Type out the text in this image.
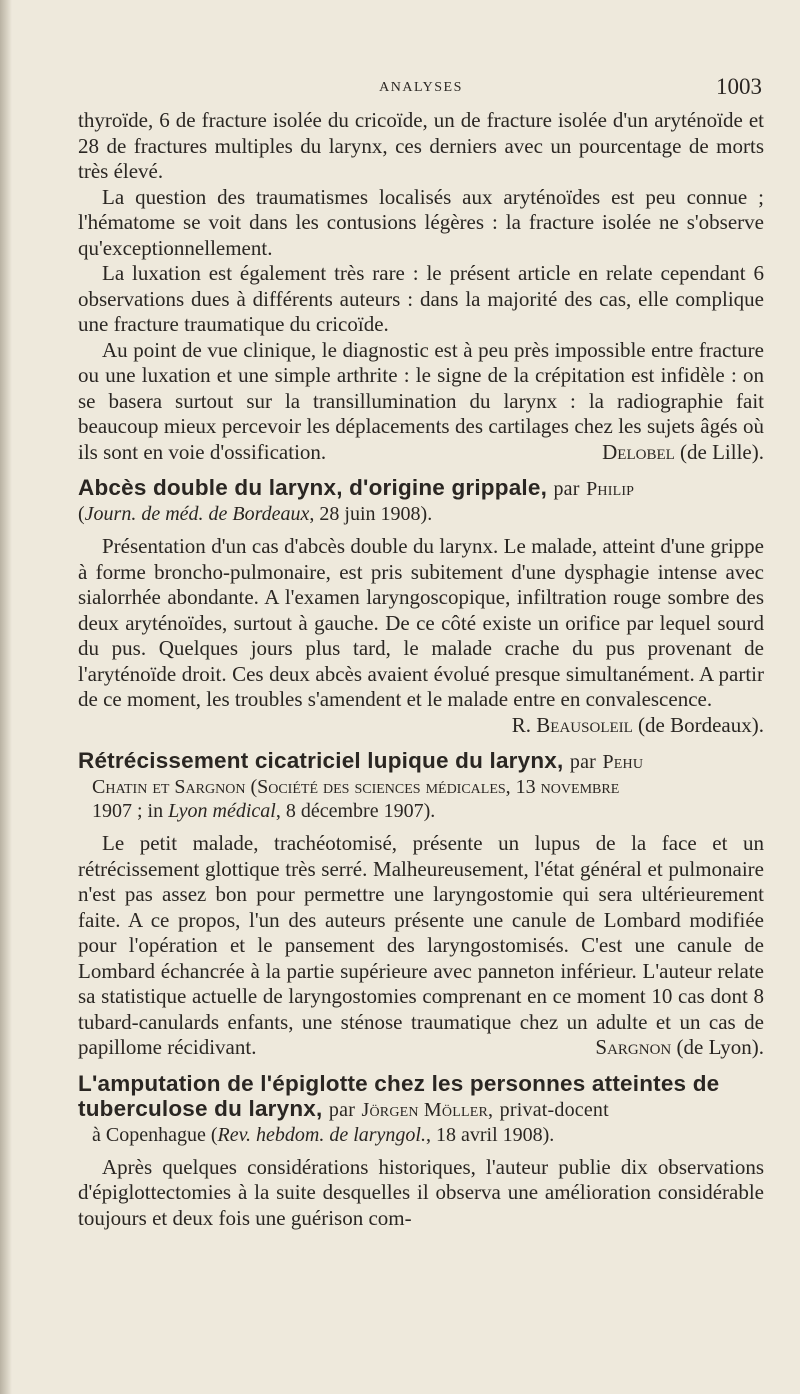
ANALYSES	1003

thyroïde, 6 de fracture isolée du cricoïde, un de fracture isolée d'un aryténoïde et 28 de fractures multiples du larynx, ces derniers avec un pourcentage de morts très élevé.

La question des traumatismes localisés aux aryténoïdes est peu connue ; l'hématome se voit dans les contusions légères : la fracture isolée ne s'observe qu'exceptionnellement.

La luxation est également très rare : le présent article en relate cependant 6 observations dues à différents auteurs : dans la majorité des cas, elle complique une fracture traumatique du cricoïde.

Au point de vue clinique, le diagnostic est à peu près impossible entre fracture ou une luxation et une simple arthrite : le signe de la crépitation est infidèle : on se basera surtout sur la transillumination du larynx : la radiographie fait beaucoup mieux percevoir les déplacements des cartilages chez les sujets âgés où ils sont en voie d'ossification.	Delobel (de Lille).

Abcès double du larynx, d'origine grippale, par Philip
(Journ. de méd. de Bordeaux, 28 juin 1908).

Présentation d'un cas d'abcès double du larynx. Le malade, atteint d'une grippe à forme broncho-pulmonaire, est pris subitement d'une dysphagie intense avec sialorrhée abondante. A l'examen laryngoscopique, infiltration rouge sombre des deux aryténoïdes, surtout à gauche. De ce côté existe un orifice par lequel sourd du pus. Quelques jours plus tard, le malade crache du pus provenant de l'aryténoïde droit. Ces deux abcès avaient évolué presque simultanément. A partir de ce moment, les troubles s'amendent et le malade entre en convalescence.
R. Beausoleil (de Bordeaux).

Rétrécissement cicatriciel lupique du larynx, par Pehu
Chatin et Sargnon (Société des sciences médicales, 13 novembre
1907 ; in Lyon médical, 8 décembre 1907).

Le petit malade, trachéotomisé, présente un lupus de la face et un rétrécissement glottique très serré. Malheureusement, l'état général et pulmonaire n'est pas assez bon pour permettre une laryngostomie qui sera ultérieurement faite. A ce propos, l'un des auteurs présente une canule de Lombard modifiée pour l'opération et le pansement des laryngostomisés. C'est une canule de Lombard échancrée à la partie supérieure avec panneton inférieur. L'auteur relate sa statistique actuelle de laryngostomies comprenant en ce moment 10 cas dont 8 tubard-canulards enfants, une sténose traumatique chez un adulte et un cas de papillome récidivant.	Sargnon (de Lyon).

L'amputation de l'épiglotte chez les personnes atteintes de tuberculose du larynx, par Jörgen Möller, privat-docent
à Copenhague (Rev. hebdom. de laryngol., 18 avril 1908).

Après quelques considérations historiques, l'auteur publie dix observations d'épiglottectomies à la suite desquelles il observa une amélioration considérable toujours et deux fois une guérison com-
